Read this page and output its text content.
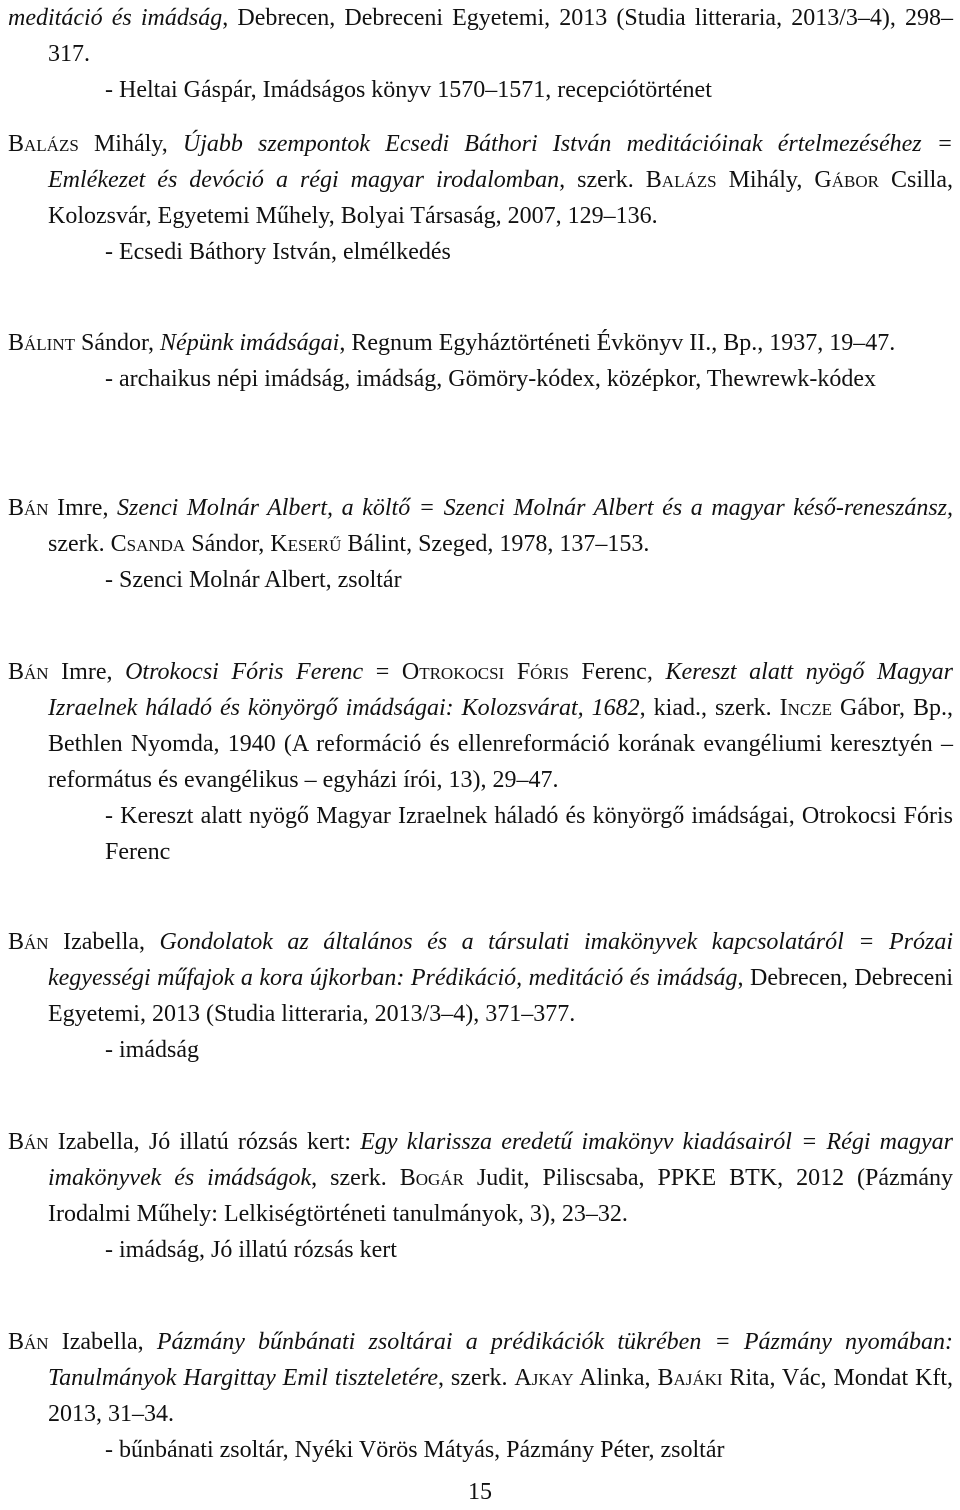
meditáció és imádság, Debrecen, Debreceni Egyetemi, 2013 (Studia litteraria, 2013/3–4), 298–317.

- Heltai Gáspár, Imádságos könyv 1570–1571, recepciótörténet

Balázs Mihály, Újabb szempontok Ecsedi Báthori István meditációinak értelmezéséhez = Emlékezet és devóció a régi magyar irodalomban, szerk. Balázs Mihály, Gábor Csilla, Kolozsvár, Egyetemi Műhely, Bolyai Társaság, 2007, 129–136.

- Ecsedi Báthory István, elmélkedés

Bálint Sándor, Népünk imádságai, Regnum Egyháztörténeti Évkönyv II., Bp., 1937, 19–47.

- archaikus népi imádság, imádság, Gömöry-kódex, középkor, Thewrewk-kódex

Bán Imre, Szenci Molnár Albert, a költő = Szenci Molnár Albert és a magyar késő-reneszánsz, szerk. Csanda Sándor, Keserű Bálint, Szeged, 1978, 137–153.

- Szenci Molnár Albert, zsoltár

Bán Imre, Otrokocsi Fóris Ferenc = Otrokocsi Fóris Ferenc, Kereszt alatt nyögő Magyar Izraelnek háladó és könyörgő imádságai: Kolozsvárat, 1682, kiad., szerk. Incze Gábor, Bp., Bethlen Nyomda, 1940 (A reformáció és ellenreformáció korának evangéliumi keresztyén – református és evangélikus – egyházi írói, 13), 29–47.

- Kereszt alatt nyögő Magyar Izraelnek háladó és könyörgő imádságai, Otrokocsi Fóris Ferenc

Bán Izabella, Gondolatok az általános és a társulati imakönyvek kapcsolatáról = Prózai kegyességi műfajok a kora újkorban: Prédikáció, meditáció és imádság, Debrecen, Debreceni Egyetemi, 2013 (Studia litteraria, 2013/3–4), 371–377.

- imádság

Bán Izabella, Jó illatú rózsás kert: Egy klarissza eredetű imakönyv kiadásairól = Régi magyar imakönyvek és imádságok, szerk. Bogár Judit, Piliscsaba, PPKE BTK, 2012 (Pázmány Irodalmi Műhely: Lelkiségtörténeti tanulmányok, 3), 23–32.

- imádság, Jó illatú rózsás kert

Bán Izabella, Pázmány bűnbánati zsoltárai a prédikációk tükrében = Pázmány nyomában: Tanulmányok Hargittay Emil tiszteletére, szerk. Ajkay Alinka, Bajáki Rita, Vác, Mondat Kft, 2013, 31–34.

- bűnbánati zsoltár, Nyéki Vörös Mátyás, Pázmány Péter, zsoltár

15
